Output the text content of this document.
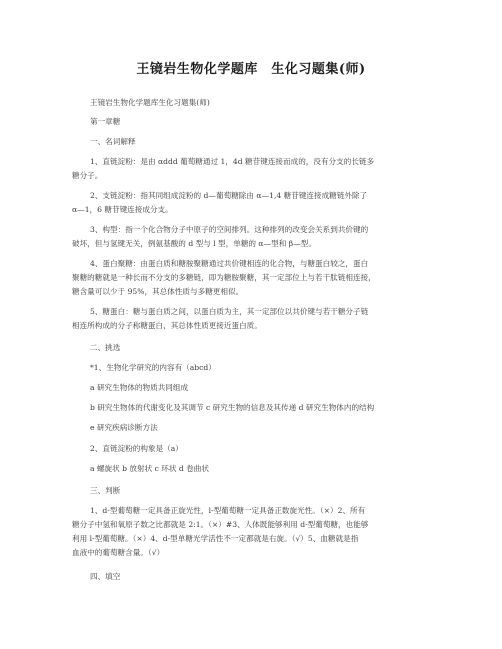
王镜岩生物化学题库　生化习题集(师)
王镜岩生物化学题库生化习题集(师)
第一章糖
一、名词解释
1、直链淀粉：是由 αddd 葡萄糖通过 1，4d 糖苷键连接而成的，没有分支的长链多
糖分子。
2、支链淀粉：指其同组成淀粉的 d—葡萄糖除由 α—1,4 糖苷键连接成糖链外除了
α—1，6 糖苷键连接成分支。
3、构型：指一个化合物分子中原子的空间排列。这种排列的改变会关系到共价键的
破坏，但与氢键无关，例氨基酸的 d 型与 l 型，单糖的 α—型和 β—型。
4、蛋白聚糖：由蛋白质和糖胺聚糖通过共价键相连的化合物，与糖蛋白较之，蛋白
聚糖的糖就是一种长而不分支的多糖链，即为糖胺聚糖，其一定部位上与若干肽链相连接，
糖含量可以少于 95%，其总体性质与多糖更相似。
5、糖蛋白：糖与蛋白质之间，以蛋白质为主，其一定部位以共价键与若干糖分子链
相连所构成的分子称糖蛋白，其总体性质更接近蛋白质。
二、挑选
*1、生物化学研究的内容有（abcd）
a 研究生物体的物质共同组成
b 研究生物体的代谢变化及其调节 c 研究生物的信息及其传递 d 研究生物体内的结构
e 研究疾病诊断方法
2、直链淀粉的构象是（a）
a 螺旋状 b 放射状 c 环状 d 卷曲状
三、判断
1、d-型葡萄糖一定具备正旋光性，l-型葡萄糖一定具备正数旋光性。（×）2、所有
糖分子中氢和氧原子数之比都就是 2:1。（×）#3、人体既能够利用 d-型葡萄糖，也能够
利用 l-型葡萄糖。（×）4、d-型单糖光学活性不一定都就是右旋。（√）5、血糖就是指
血液中的葡萄糖含量。（√）
四、填空
